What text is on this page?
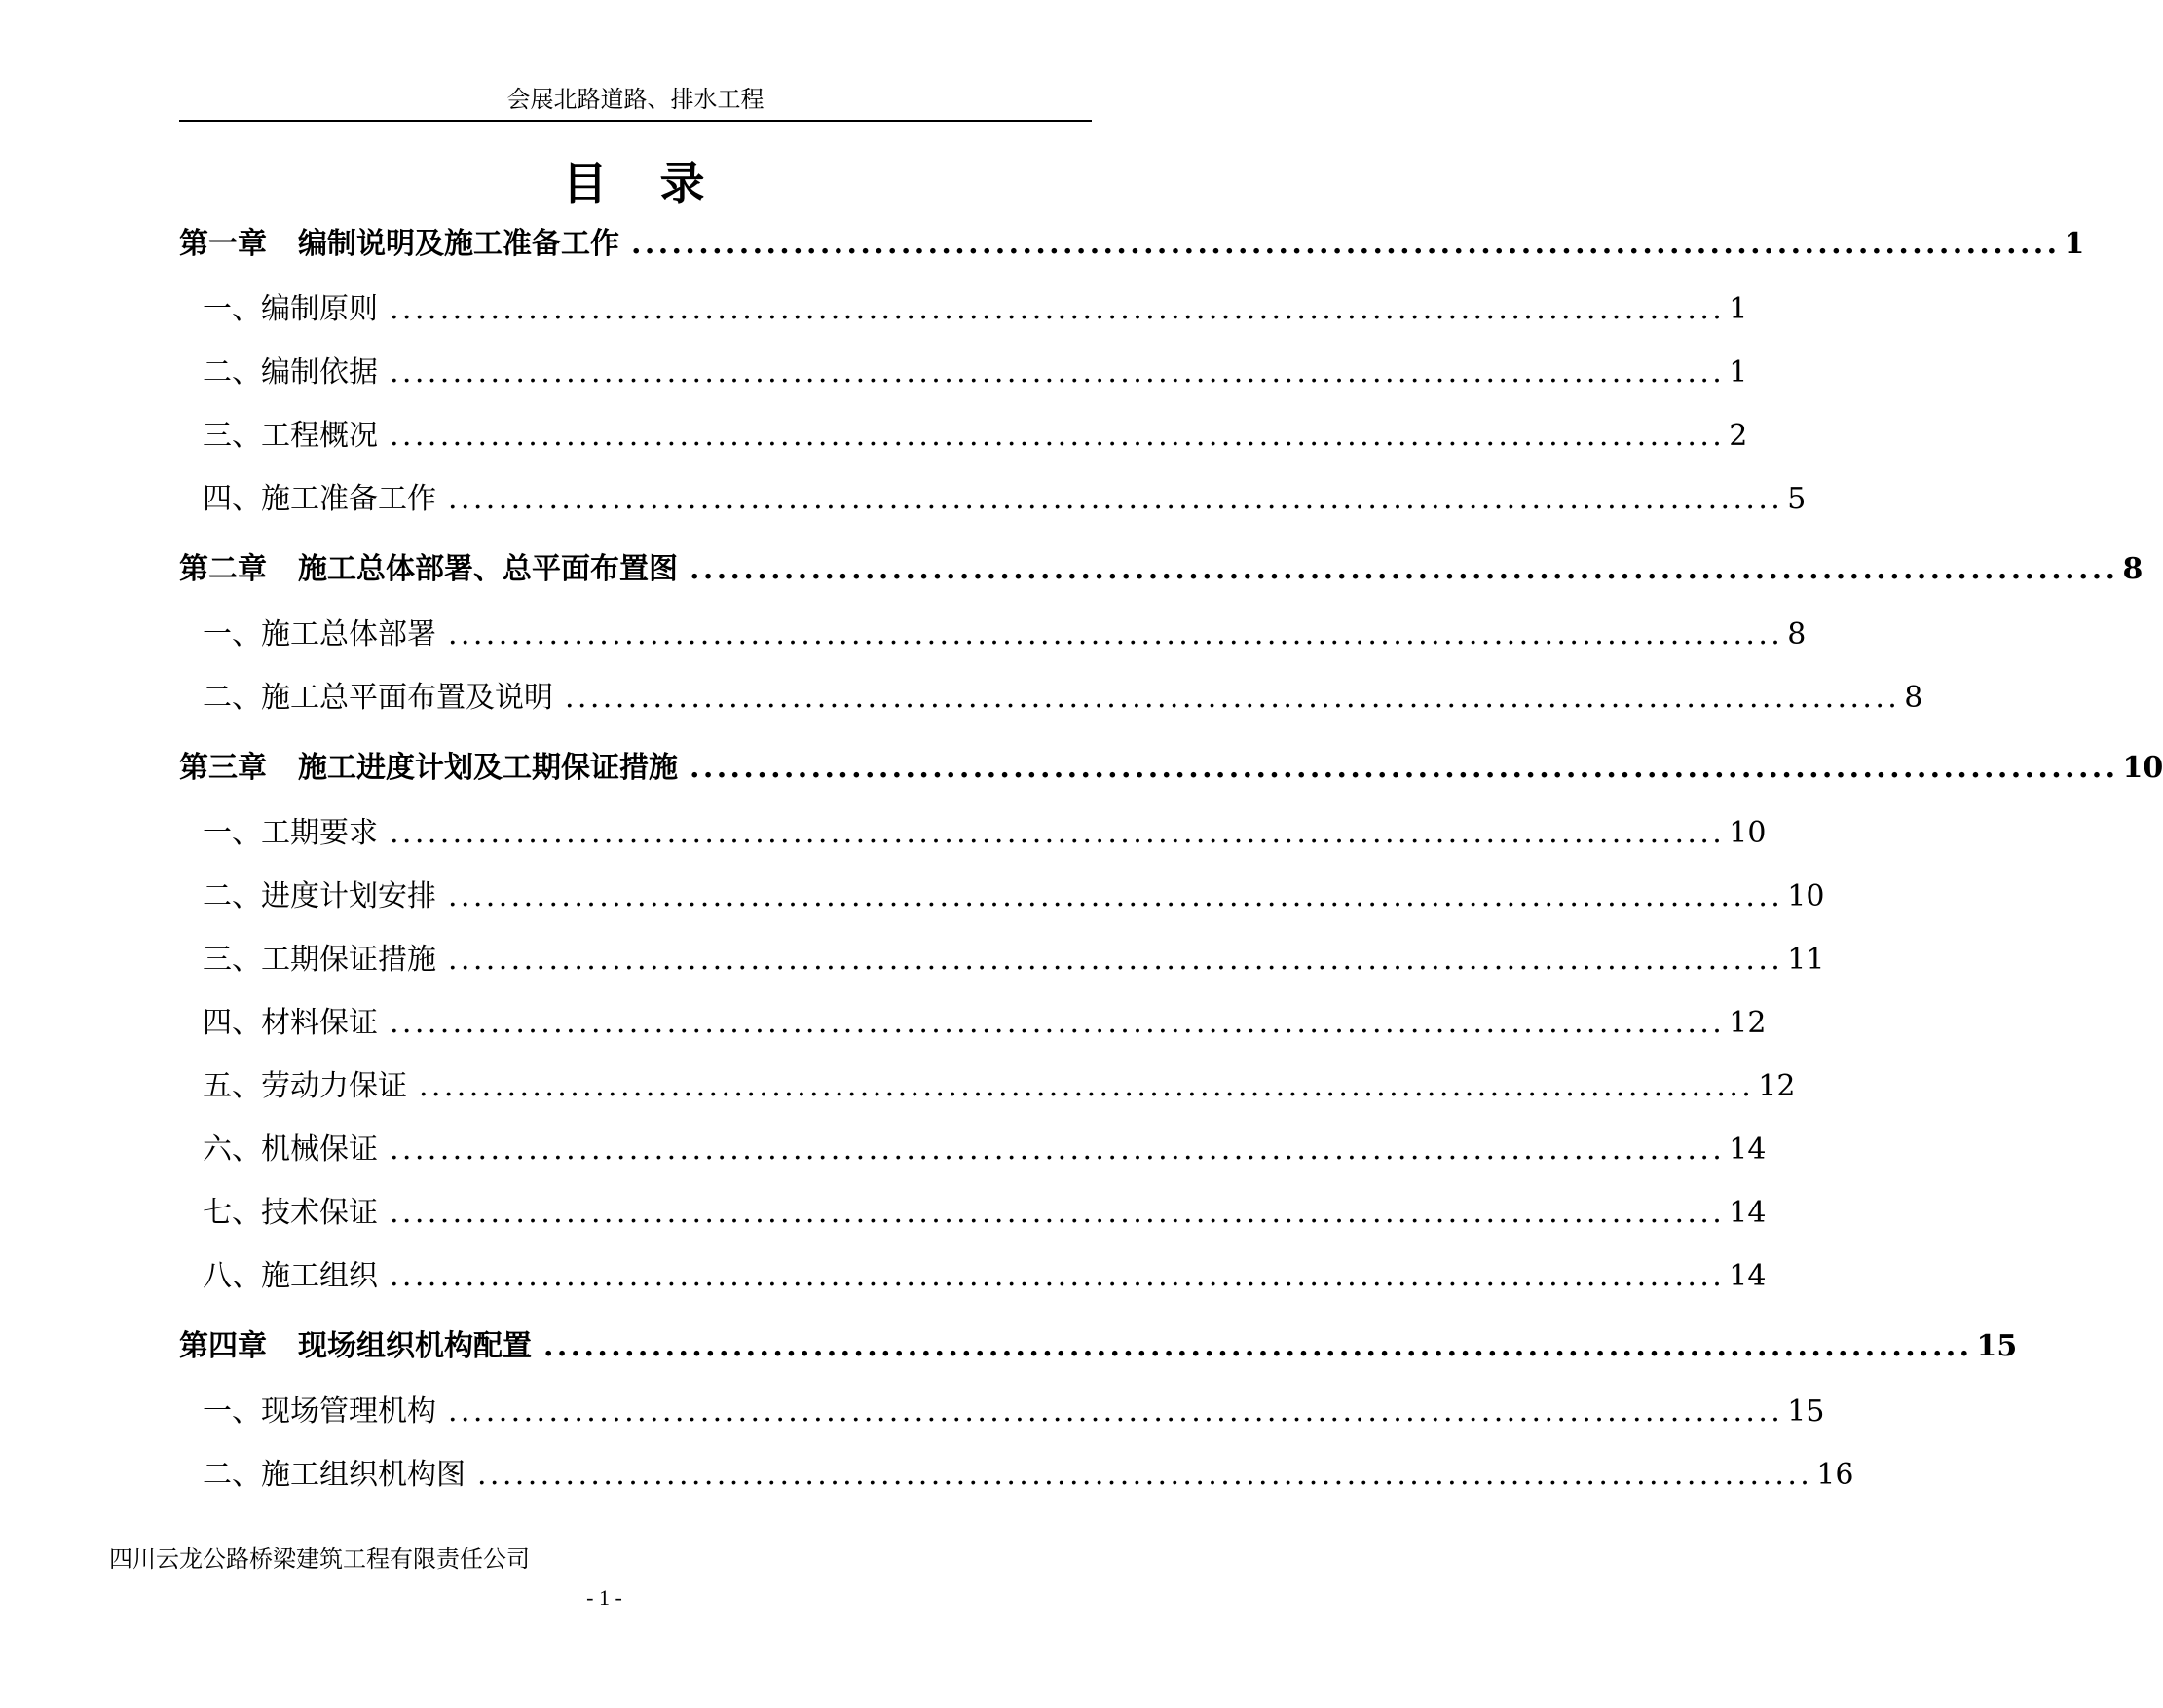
会展北路道路、排水工程
目　录
第一章 编制说明及施工准备工作 .......................................................................................................... 1
一、编制原则 .......................................................................................................... 1
二、编制依据 .......................................................................................................... 1
三、工程概况 .......................................................................................................... 2
四、施工准备工作 .......................................................................................................... 5
第二章 施工总体部署、总平面布置图 .......................................................................................................... 8
一、施工总体部署 .......................................................................................................... 8
二、施工总平面布置及说明 .......................................................................................................... 8
第三章 施工进度计划及工期保证措施 .......................................................................................................... 10
一、工期要求 .......................................................................................................... 10
二、进度计划安排 .......................................................................................................... 10
三、工期保证措施 .......................................................................................................... 11
四、材料保证 .......................................................................................................... 12
五、劳动力保证 .......................................................................................................... 12
六、机械保证 .......................................................................................................... 14
七、技术保证 .......................................................................................................... 14
八、施工组织 .......................................................................................................... 14
第四章 现场组织机构配置 .......................................................................................................... 15
一、现场管理机构 .......................................................................................................... 15
二、施工组织机构图 .......................................................................................................... 16
四川云龙公路桥梁建筑工程有限责任公司
- 1 -
